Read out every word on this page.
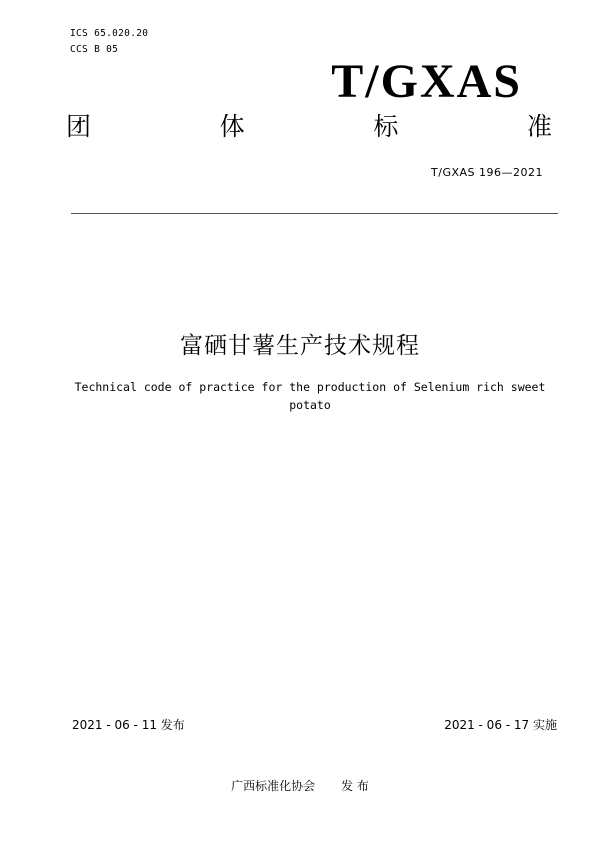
ICS 65.020.20
CCS B 05
T/GXAS
团	体	标	准
T/GXAS 196—2021
富硒甘薯生产技术规程
Technical code of practice for the production of Selenium rich sweet potato
2021 - 06 - 11 发布	2021 - 06 - 17 实施
广西标准化协会 发 布
